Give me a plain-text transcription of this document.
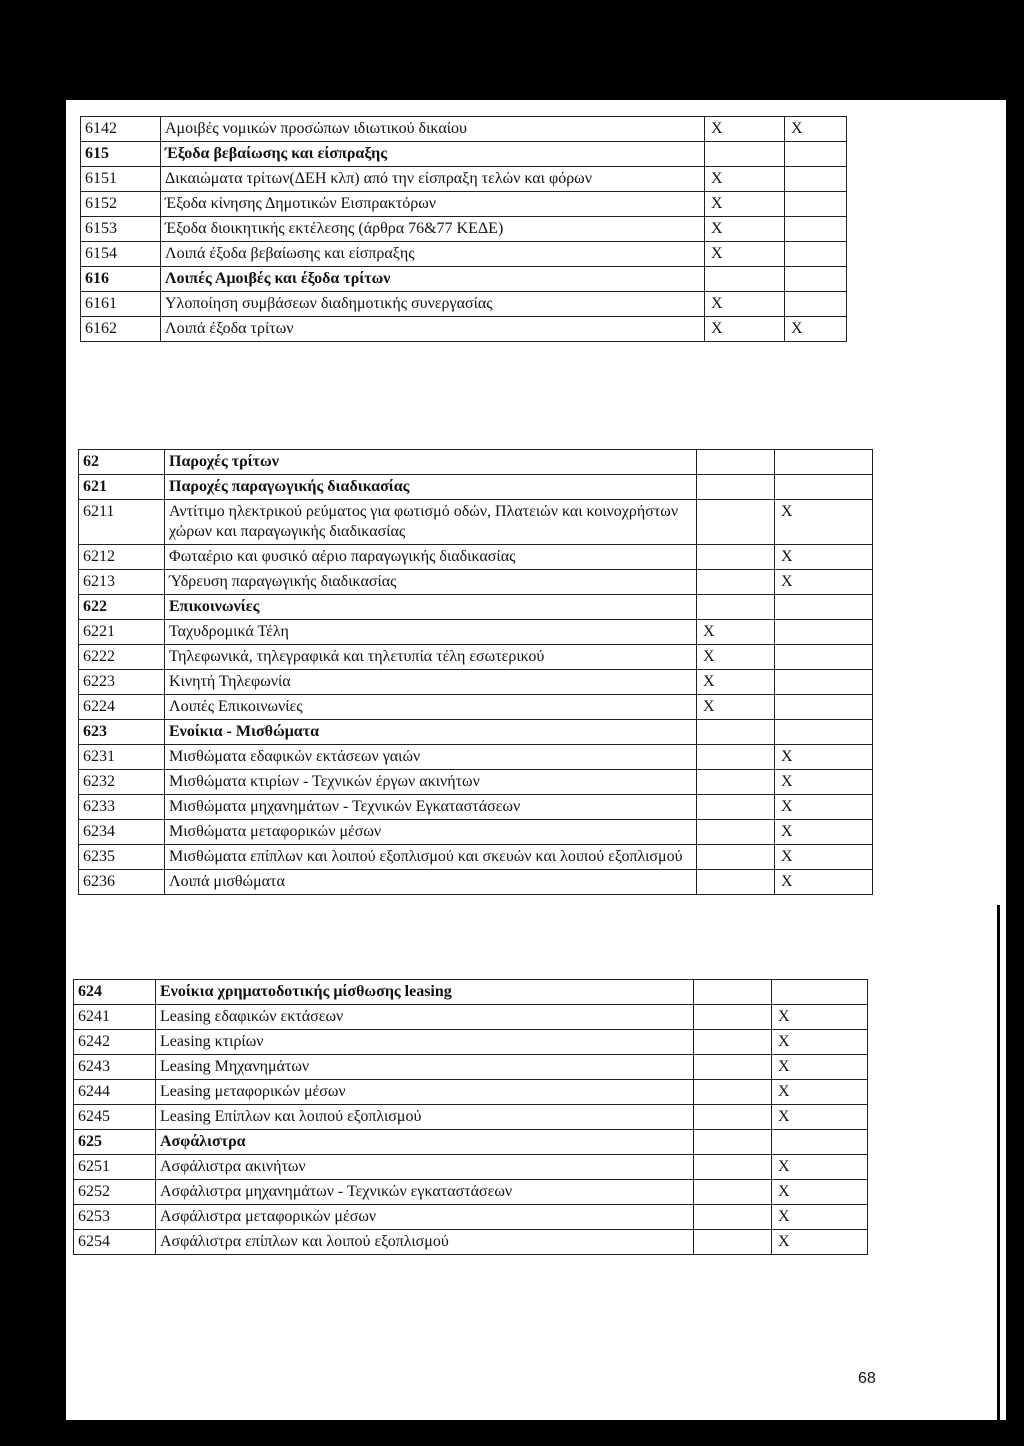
6142	Αμοιβές νομικών προσώπων ιδιωτικού δικαίου	X	X
615	Έξοδα βεβαίωσης και είσπραξης		
6151	Δικαιώματα τρίτων(ΔΕΗ κλπ) από την είσπραξη τελών και φόρων	X	
6152	Έξοδα κίνησης Δημοτικών Εισπρακτόρων	X	
6153	Έξοδα διοικητικής εκτέλεσης (άρθρα 76&77 ΚΕΔΕ)	X	
6154	Λοιπά έξοδα βεβαίωσης και είσπραξης	X	
616	Λοιπές Αμοιβές και έξοδα τρίτων		
6161	Υλοποίηση συμβάσεων διαδημοτικής συνεργασίας	X	
6162	Λοιπά έξοδα τρίτων	X	X
62	Παροχές τρίτων		
621	Παροχές παραγωγικής διαδικασίας		
6211	Αντίτιμο ηλεκτρικού ρεύματος για φωτισμό οδών, Πλατειών και κοινοχρήστων χώρων και παραγωγικής διαδικασίας		X
6212	Φωταέριο και φυσικό αέριο παραγωγικής διαδικασίας		X
6213	Ύδρευση παραγωγικής διαδικασίας		X
622	Επικοινωνίες		
6221	Ταχυδρομικά Τέλη	X	
6222	Τηλεφωνικά, τηλεγραφικά και τηλετυπία τέλη εσωτερικού	X	
6223	Κινητή Τηλεφωνία	X	
6224	Λοιπές Επικοινωνίες	X	
623	Ενοίκια - Μισθώματα		
6231	Μισθώματα εδαφικών εκτάσεων γαιών		X
6232	Μισθώματα κτιρίων - Τεχνικών έργων ακινήτων		X
6233	Μισθώματα μηχανημάτων - Τεχνικών Εγκαταστάσεων		X
6234	Μισθώματα μεταφορικών μέσων		X
6235	Μισθώματα επίπλων και λοιπού εξοπλισμού και σκευών και λοιπού εξοπλισμού		X
6236	Λοιπά μισθώματα		X
624	Ενοίκια χρηματοδοτικής μίσθωσης leasing		
6241	Leasing εδαφικών εκτάσεων		X
6242	Leasing κτιρίων		X
6243	Leasing Μηχανημάτων		X
6244	Leasing μεταφορικών μέσων		X
6245	Leasing Επίπλων και λοιπού εξοπλισμού		X
625	Ασφάλιστρα		
6251	Ασφάλιστρα ακινήτων		X
6252	Ασφάλιστρα μηχανημάτων - Τεχνικών εγκαταστάσεων		X
6253	Ασφάλιστρα μεταφορικών μέσων		X
6254	Ασφάλιστρα επίπλων και λοιπού εξοπλισμού		X
68
